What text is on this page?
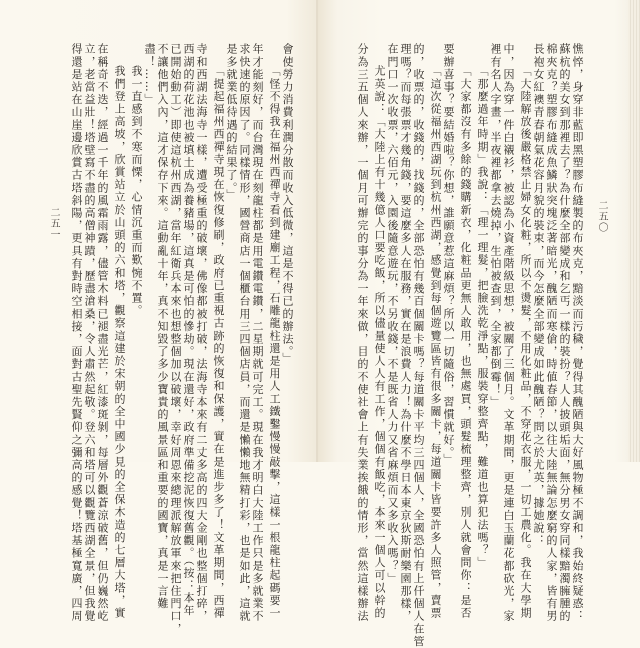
會使勞力消費利潤分散而收入低微，這是不得已的辦法。」
「怪不得我在福州西禪寺看到建廟工程，石雕龍柱還是用人工鐵鑿慢慢敲擊，這樣一根龍柱起碼要一
年才能刻好，而台灣現在刻龍柱都是用電鑽電鑽，二星期就可完工。現在我才明白大陸工作只是多就業不
求快速的原因了。同樣情形，國營商店一個櫃台用三四個店員，而還是懶懶地無精打彩，也是如此，這就
是多就業低待遇的結果了。」
「提起福州西禪寺現在恢復修刷，政府已重視古跡的恢復和保護，實在是進步多了！文革期間，西禪
寺和西湖法海寺一樣，遭受極重的破壞，佛像都被打破，法海寺本來有二丈多高的四大金剛也整個打碎，
西湖的荷花池也被填土成為養豬場，這真是可怕的慘劫。現在還好，政府準備挖泥恢復舊觀。（按：本年
已開始動工）即使這杭州西湖，當年紅衛兵本來也想整個加以破壞，幸好周恩來總理派解放軍來把住門口，
不讓他們入內，這才保存下來。這動亂十年，真不知毀了多少寶貴的風景區和重要的國寶，真是一言難
盡！……」
我一直感到不寒而慄，心情沉重而歎惋不置。
我們登上高坡，欣賞站立於山頭的六和塔，觀察這建於宋朝的全中國少見的全保木造的七層大塔，實
在稱奇不迭，經過一千年的風霜雨露，儘管木料已褪盡光芒，紅漆斑剝，每層外觀蒼涼破舊，但仍巍然屹
立，老當益壯！塔壁寫不盡的高僧神蹟，歷盡滄桑，令人肅然起敬。登六和塔可以觀覽西湖全景，但我覺
得還是站在山崖邊欣賞古塔斜陽，更具有對時空相接，面對古聖先賢仰之彌高的感覺！塔基極寬廣，四周
二五一	憔悴，身穿非藍即黑塑膠布縫製的布夾克，黯淡而污穢，覺得其醜陋與大好風物極不調和，我始終疑惑：
蘇杭的美女到那裡去了？為什麼全部變成和乞丐一樣的裝扮？人人披頭垢面，無分男女穿同樣黯濁臃腫的
棉夾克？塑膠布縫成魚鱗狀突塊泛著暗光，醜陋而寒傖，時値春節，以往大陸無論怎麼窮的人家，皆有男
長袍女紅襖青春朝氣花容月貌的裝束，而今怎麼全部變成如此醜陋？問之於尤英，據她說：
「大陸解放後嚴格禁止婦女化粧，所以不燙髮，不用化粧品，不穿花衣服，一切工農化。我在大學期
中，因為穿一件白襯衫，被認為小資產階級思想，被關了三個月。文革期間，更是連白玉蘭花都砍光，家
裡有名人字畫，半夜裡都拿去燒掉，生怕被查到，全家都倒霉！」
「那麼過年時期」我說：「理一理髮，把臉洗乾淨點，服裝穿整齊點，難道也算犯法嗎？」
「大家都沒有多餘的錢購新衣，化粧品更無人敢用，也無處買，頭髮梳理整齊，別人就會問你：是否
要辦喜事？要結婚啦？你想，誰願意惹這麻煩？所以一切隨俗，習慣就好。」
「這次從福州西湖玩到杭州西湖，感覺到每個遊覽區皆有很多關卡，每道關卡皆要許多人照管，賣票
的，收票的，收錢的，找錢的，全部恐怕有幾百個關卡嗎？每道關卡平均三四個人，全國恐怕有上仟個人在管
理嗎？而每張票才幾角錢，要這麼多人在服務，實在是浪費人力！為什麼不學日本東京狄斯耐樂園那樣，
在門口一次收票，六佰元，入園後隨意遊玩，不另收錢，不是既省人力又省麻煩而又多收入嗎？」
尤英說：「大陸上有十幾億人口要吃飯，所以儘量使人人有工作，個個有飯吃，本來一個人可以幹的
分為三五個人來辦，一個月可辦完的事分為一年來做，目的不使社會上有失業挨餓的情形，當然這樣辦法	二五〇
